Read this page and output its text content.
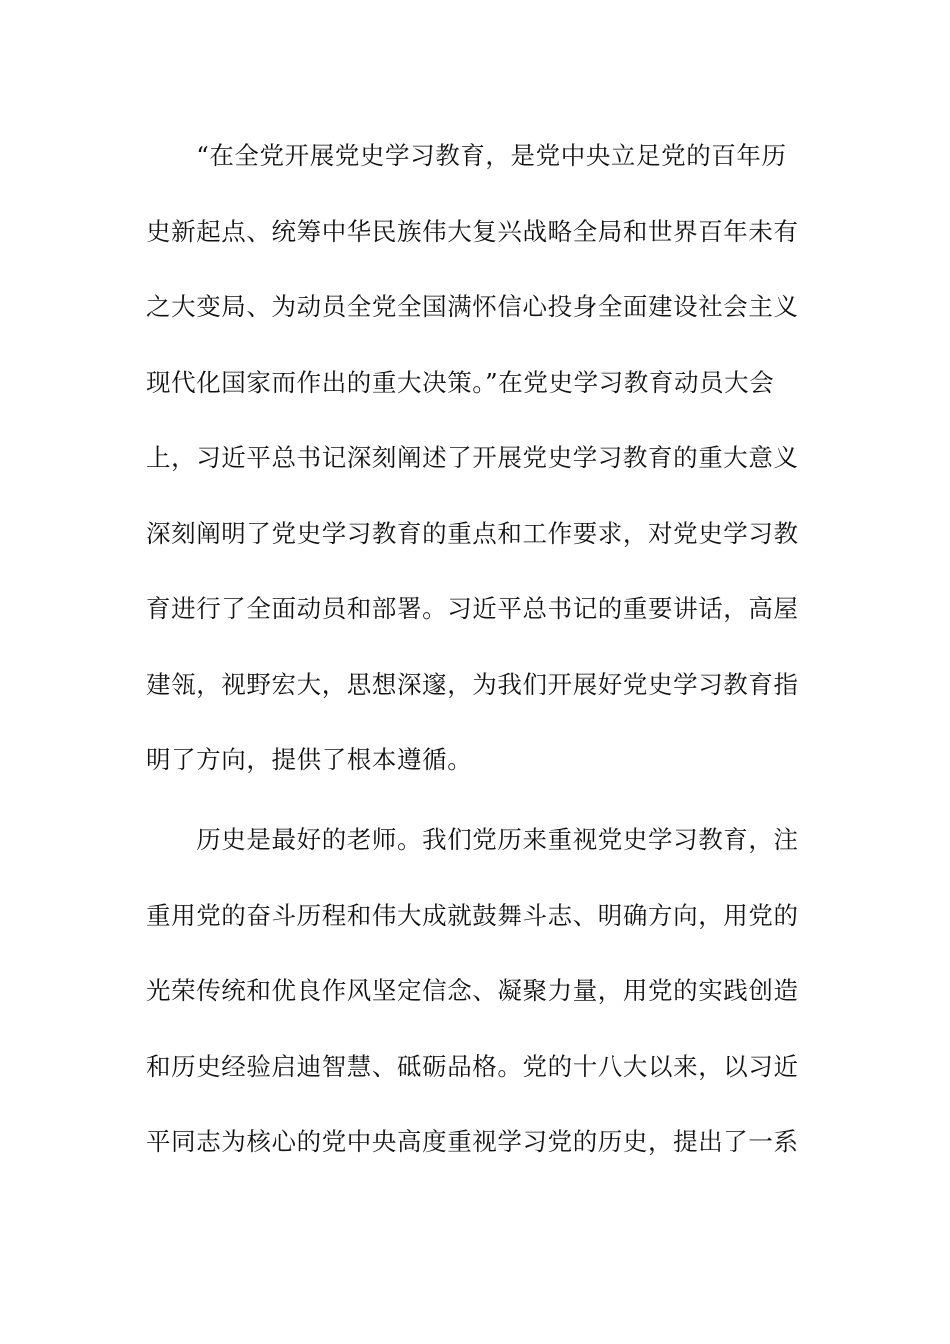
　　“在全党开展党史学习教育，是党中央立足党的百年历
史新起点、统筹中华民族伟大复兴战略全局和世界百年未有
之大变局、为动员全党全国满怀信心投身全面建设社会主义
现代化国家而作出的重大决策。”在党史学习教育动员大会
上，习近平总书记深刻阐述了开展党史学习教育的重大意义
深刻阐明了党史学习教育的重点和工作要求，对党史学习教
育进行了全面动员和部署。习近平总书记的重要讲话，高屋
建瓴，视野宏大，思想深邃，为我们开展好党史学习教育指
明了方向，提供了根本遵循。
　　历史是最好的老师。我们党历来重视党史学习教育，注
重用党的奋斗历程和伟大成就鼓舞斗志、明确方向，用党的
光荣传统和优良作风坚定信念、凝聚力量，用党的实践创造
和历史经验启迪智慧、砥砺品格。党的十八大以来，以习近
平同志为核心的党中央高度重视学习党的历史，提出了一系
